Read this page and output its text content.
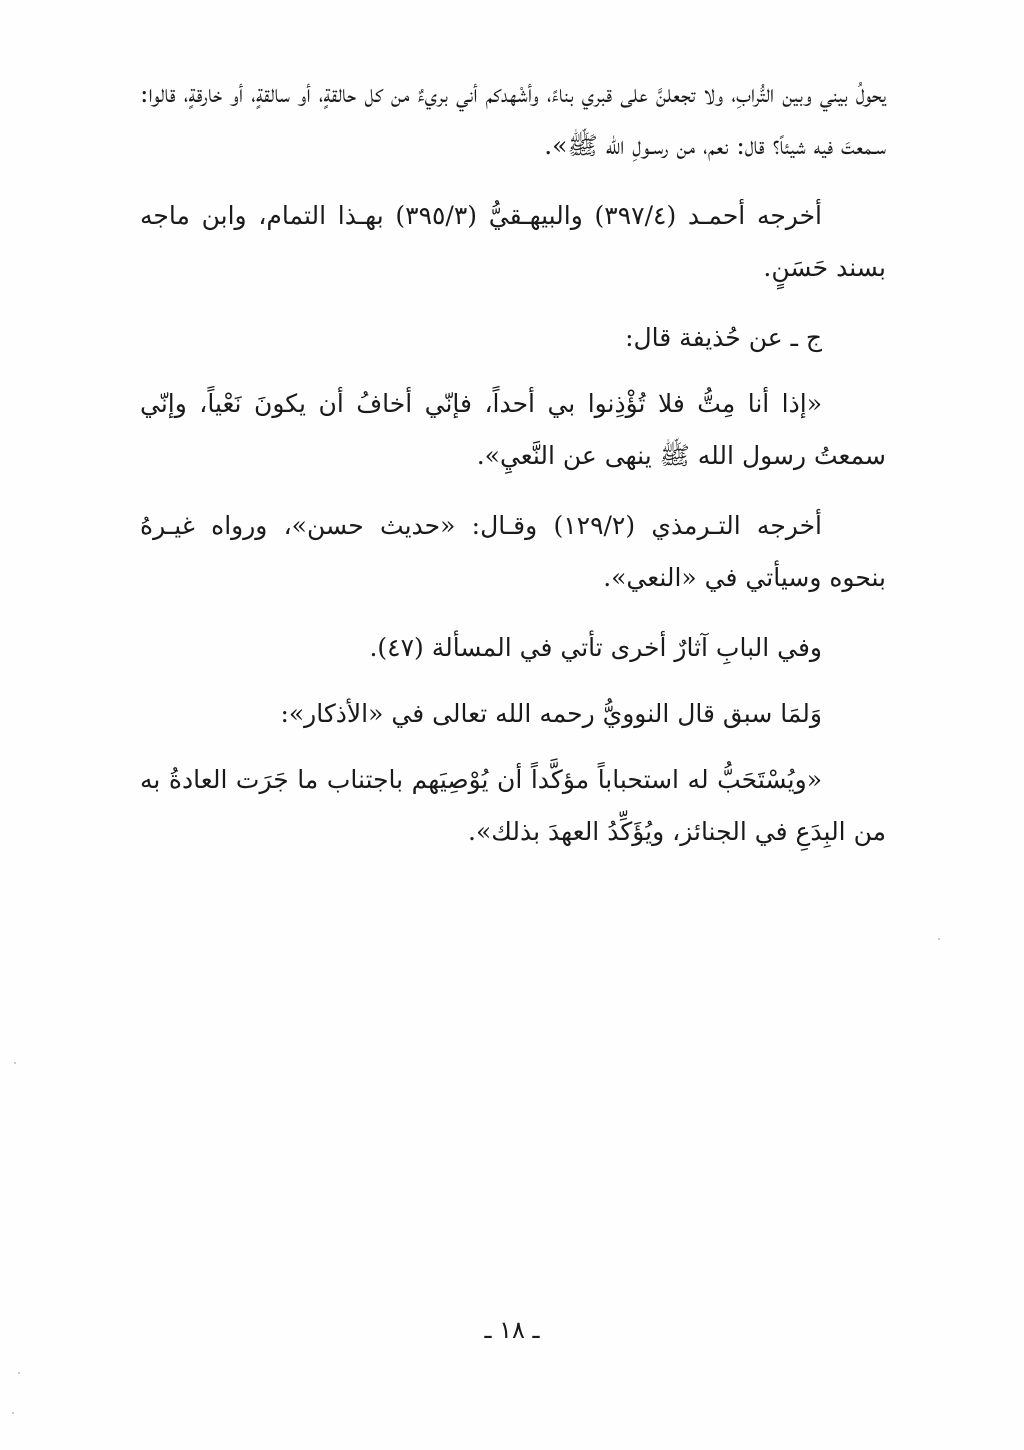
يحولُ بيني وبين التُّرابِ، ولا تجعلنَّ على قبري بناءً، وأشْهدكم أني بريءٌ من كل حالقةٍ، أو سالقةٍ، أو خارقةٍ، قالوا: سـمعتَ فيه شيئاً؟ قال: نعم، من رسـولِ الله ﷺ».

أخرجه أحمـد (٣٩٧/٤) والبيهـقيُّ (٣٩٥/٣) بهـذا التمام، وابن ماجه بسند حَسَنٍ.

ج ـ عن حُذيفة قال:

«إذا أنا مِتُّ فلا تُؤْذِنوا بي أحداً، فإنّي أخافُ أن يكونَ نَعْياً، وإنّي سمعتُ رسول الله ﷺ ينهى عن النَّعيِ».

أخرجه التـرمذي (١٢٩/٢) وقـال: «حديث حسن»، ورواه غيـرهُ بنحوه وسيأتي في «النعي».

وفي البابِ آثارٌ أخرى تأتي في المسألة (٤٧).

وَلمَا سبق قال النوويُّ رحمه الله تعالى في «الأذكار»:

«ويُسْتَحَبُّ له استحباباً مؤكَّداً أن يُوْصِيَهم باجتناب ما جَرَت العادةُ به من البِدَعِ في الجنائز، ويُؤَكِّدُ العهدَ بذلك».

ـ ١٨ ـ
